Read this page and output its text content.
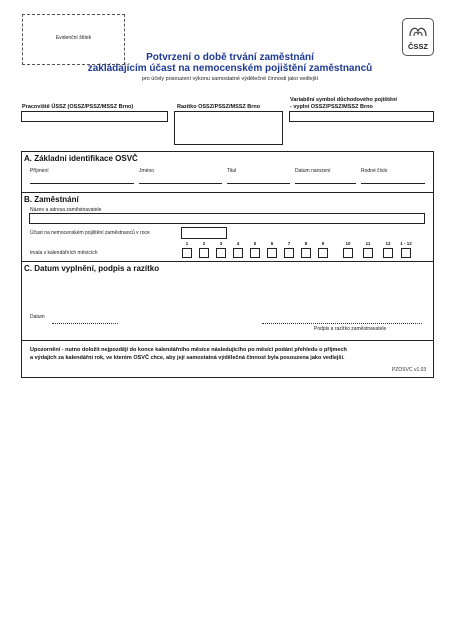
Evidenční štítek
ČSSZ
Potvrzení o době trvání zaměstnání
zakládajícím účast na nemocenském pojištění zaměstnanců
pro účely posouzení výkonu samostatné výdělečné činnosti jako vedlejší
Pracoviště ÚSSZ (OSSZ/PSSZ/MSSZ Brno)	Razítko OSSZ/PSSZ/MSSZ Brno
Variabilní symbol důchodového pojištění
- vyplní OSSZ/PSSZ/MSSZ Brno
A. Základní identifikace OSVČ
Příjmení	Jméno	Titul	Datum narození	Rodné číslo
B. Zaměstnání
Název a adresa zaměstnavatele
Účast na nemocenském pojištění zaměstnanců v roce
trvala v kalendářních měsících
1	2	3	4	5	6	7	8	9	10	11	12	1 - 12
C. Datum vyplnění, podpis a razítko
Datum
Podpis a razítko zaměstnavatele
Upozornění - nutno doložit nejpozději do konce kalendářního měsíce následujícího po měsíci podání přehledu o příjmech
a výdajích za kalendářní rok, ve kterém OSVČ chce, aby její samostatná výdělečná činnost byla posouzena jako vedlejší.
PZOSVC v1.03
